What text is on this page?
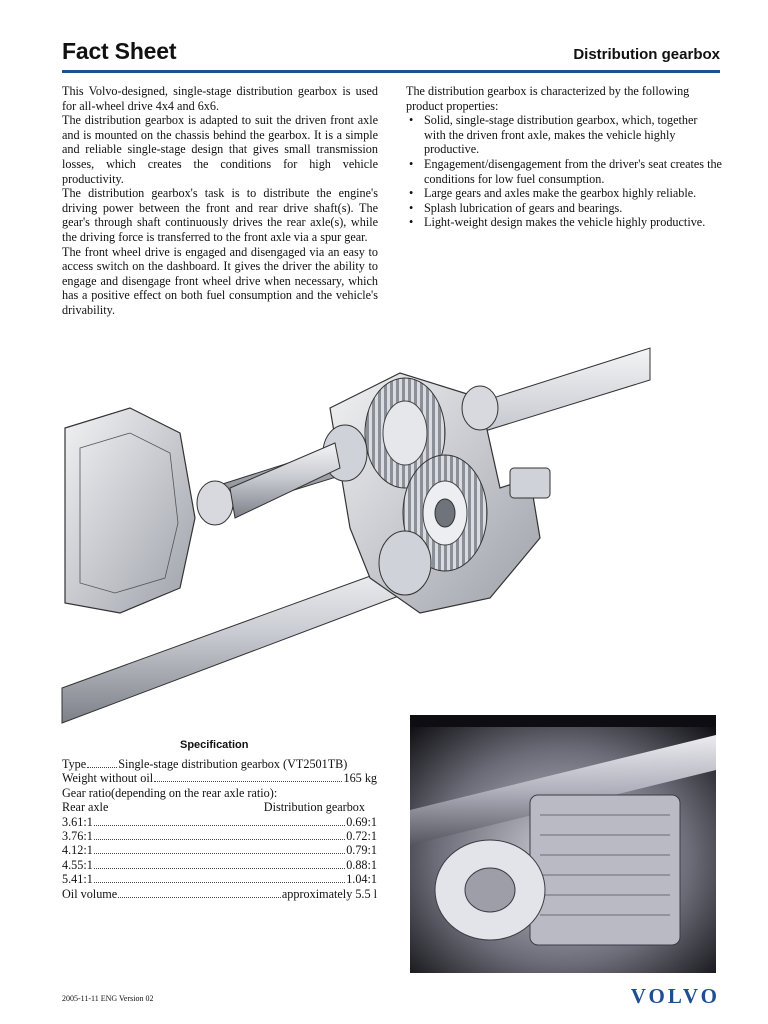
Fact Sheet	Distribution gearbox

This Volvo-designed, single-stage distribution gearbox is used for all-wheel drive 4x4 and 6x6.

The distribution gearbox is adapted to suit the driven front axle and is mounted on the chassis behind the gearbox. It is a simple and reliable single-stage design that gives small transmission losses, which creates the conditions for high vehicle productivity.

The distribution gearbox's task is to distribute the engine's driving power between the front and rear drive shaft(s). The gear's through shaft continuously drives the rear axle(s), while the driving force is transferred to the front axle via a spur gear.

The front wheel drive is engaged and disengaged via an easy to access switch on the dashboard. It gives the driver the ability to engage and disengage front wheel drive when necessary, which has a positive effect on both fuel consumption and the vehicle's drivability.

The distribution gearbox is characterized by the following product properties:

• Solid, single-stage distribution gearbox, which, together with the driven front axle, makes the vehicle highly productive.
• Engagement/disengagement from the driver's seat creates the conditions for low fuel consumption.
• Large gears and axles make the gearbox highly reliable.
• Splash lubrication of gears and bearings.
• Light-weight design makes the vehicle highly productive.
Specification
Type	Single-stage distribution gearbox (VT2501TB)
Weight without oil	165 kg
Gear ratio(depending on the rear axle ratio):
Rear axle	Distribution gearbox
3.61:1	0.69:1
3.76:1	0.72:1
4.12:1	0.79:1
4.55:1	0.88:1
5.41:1	1.04:1
Oil volume	approximately 5.5 l
2005-11-11 ENG Version 02	VOLVO
